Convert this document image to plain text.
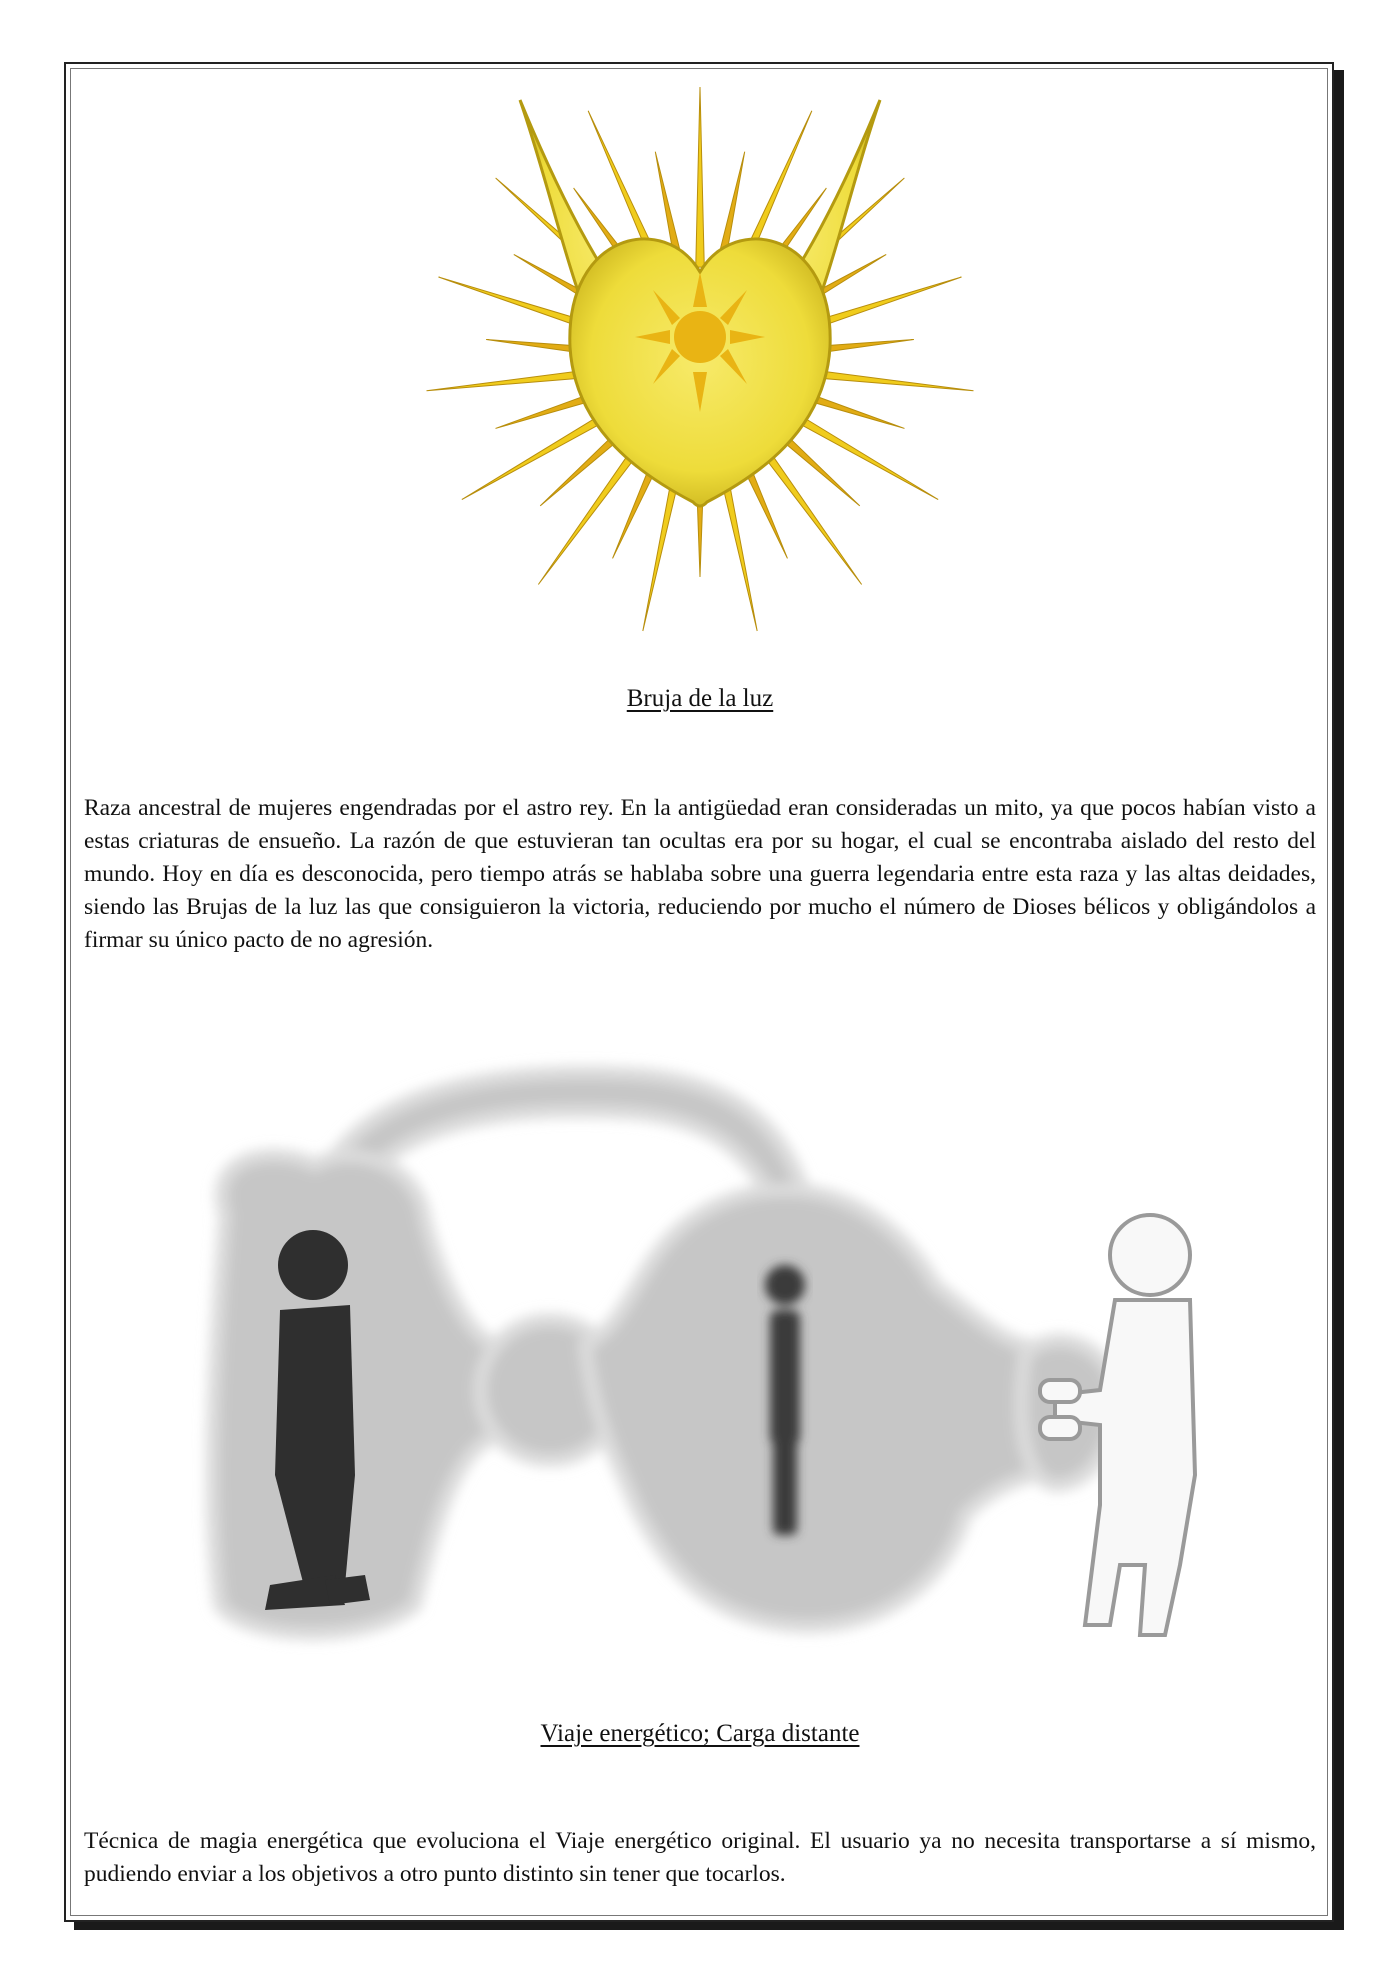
Bruja de la luz
Raza ancestral de mujeres engendradas por el astro rey. En la antigüedad eran consideradas un mito, ya que pocos habían visto a estas criaturas de ensueño. La razón de que estuvieran tan ocultas era por su hogar, el cual se encontraba aislado del resto del mundo. Hoy en día es desconocida, pero tiempo atrás se hablaba sobre una guerra legendaria entre esta raza y las altas deidades, siendo las Brujas de la luz las que consiguieron la victoria, reduciendo por mucho el número de Dioses bélicos y obligándolos a firmar su único pacto de no agresión.
Viaje energético; Carga distante
Técnica de magia energética que evoluciona el Viaje energético original. El usuario ya no necesita transportarse a sí mismo, pudiendo enviar a los objetivos a otro punto distinto sin tener que tocarlos.
